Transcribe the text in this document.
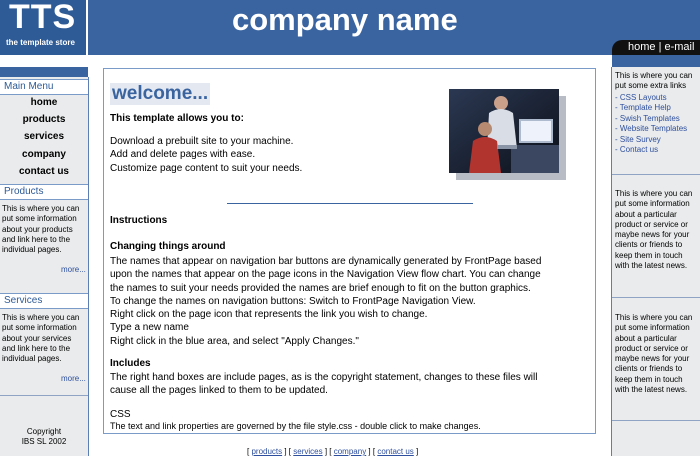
TTS
the template store
company name
home | e-mail
Main Menu
home
products
services
company
contact us
Products
This is where you can put some information about your products and link here to the individual pages.
more...
Services
This is where you can put some information about your services and link here to the individual pages.
more...
Copyright
IBS SL 2002
This is where you can put some extra links
- CSS Layouts
- Template Help
- Swish Templates
- Website Templates
- Site Survey
- Contact us
This is where you can put some information about a particular product or service or maybe news for your clients or friends to keep them in touch with the latest news.
This is where you can put some information about a particular product or service or maybe news for your clients or friends to keep them in touch with the latest news.
welcome...
This template allows you to:
Download a prebuilt site to your machine.
Add and delete pages with ease.
Customize page content to suit your needs.
Instructions
Changing things around
The names that appear on navigation bar buttons are dynamically generated by FrontPage based
upon the names that appear on the page icons in the Navigation View flow chart. You can change
the names to suit your needs provided the names are brief enough to fit on the button graphics.
To change the names on navigation buttons: Switch to FrontPage Navigation View.
Right click on the page icon that represents the link you wish to change.
Type a new name
Right click in the blue area, and select "Apply Changes."
Includes
The right hand boxes are include pages, as is the copyright statement, changes to these files will
cause all the pages linked to them to be updated.
CSS
The text and link properties are governed by the file style.css - double click to make changes.
[ products ] [ services ] [ company ] [ contact us ]
